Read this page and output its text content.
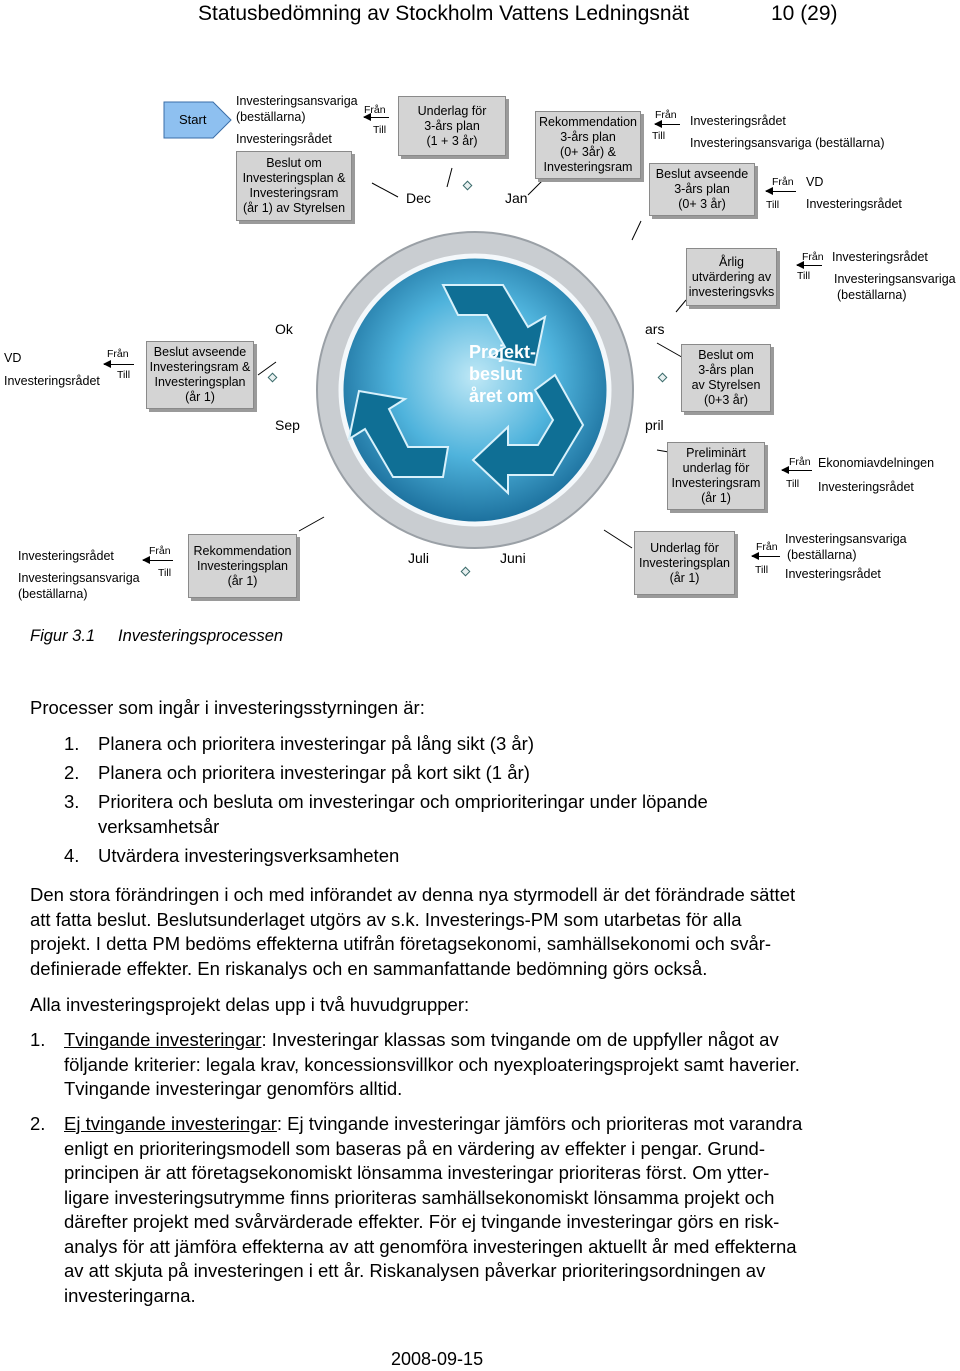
Statusbedömning av Stockholm Vattens Ledningsnät	10 (29)
Projekt-
beslut
året om
Dec	Jan
Ok	ars
Sep	pril
Juli	Juni
Start
Investeringsansvariga
(beställarna)
Investeringsrådet
Från
Till
Beslut om
Investeringsplan &
Investeringsram
(år 1) av Styrelsen
Underlag för
3-års plan
(1 + 3 år)
Rekommendation
3-års plan
(0+ 3år) &
Investeringsram
Från
Till
Investeringsrådet
Investeringsansvariga (beställarna)
Beslut avseende
3-års plan
(0+ 3 år)
Från
Till
VD
Investeringsrådet
Årlig
utvärdering av
investeringsvks
Från
Till
Investeringsrådet
Investeringsansvariga
(beställarna)
VD
Investeringsrådet
Från
Till
Beslut avseende
Investeringsram &
Investeringsplan
(år 1)
Beslut om
3-års plan
av Styrelsen
(0+3 år)
Preliminärt
underlag för
Investeringsram
(år 1)
Från
Till
Ekonomiavdelningen
Investeringsrådet
Investeringsrådet
Investeringsansvariga
(beställarna)
Från
Till
Rekommendation
Investeringsplan
(år 1)
Underlag för
Investeringsplan
(år 1)
Från
Till
Investeringsansvariga
(beställarna)
Investeringsrådet
Figur 3.1 Investeringsprocessen
Processer som ingår i investeringsstyrningen är:
1. Planera och prioritera investeringar på lång sikt (3 år)
2. Planera och prioritera investeringar på kort sikt (1 år)
3. Prioritera och besluta om investeringar och omprioriteringar under löpande
verksamhetsår
4. Utvärdera investeringsverksamheten
Den stora förändringen i och med införandet av denna nya styrmodell är det förändrade sättet
att fatta beslut. Beslutsunderlaget utgörs av s.k. Investerings-PM som utarbetas för alla
projekt. I detta PM bedöms effekterna utifrån företagsekonomi, samhällsekonomi och svår-
definierade effekter. En riskanalys och en sammanfattande bedömning görs också.
Alla investeringsprojekt delas upp i två huvudgrupper:
1. Tvingande investeringar: Investeringar klassas som tvingande om de uppfyller något av
följande kriterier: legala krav, koncessionsvillkor och nyexploateringsprojekt samt haverier.
Tvingande investeringar genomförs alltid.
2. Ej tvingande investeringar: Ej tvingande investeringar jämförs och prioriteras mot varandra
enligt en prioriteringsmodell som baseras på en värdering av effekter i pengar. Grund-
principen är att företagsekonomiskt lönsamma investeringar prioriteras först. Om ytter-
ligare investeringsutrymme finns prioriteras samhällsekonomiskt lönsamma projekt och
därefter projekt med svårvärderade effekter. För ej tvingande investeringar görs en risk-
analys för att jämföra effekterna av att genomföra investeringen aktuellt år med effekterna
av att skjuta på investeringen i ett år. Riskanalysen påverkar prioriteringsordningen av
investeringarna.
2008-09-15
